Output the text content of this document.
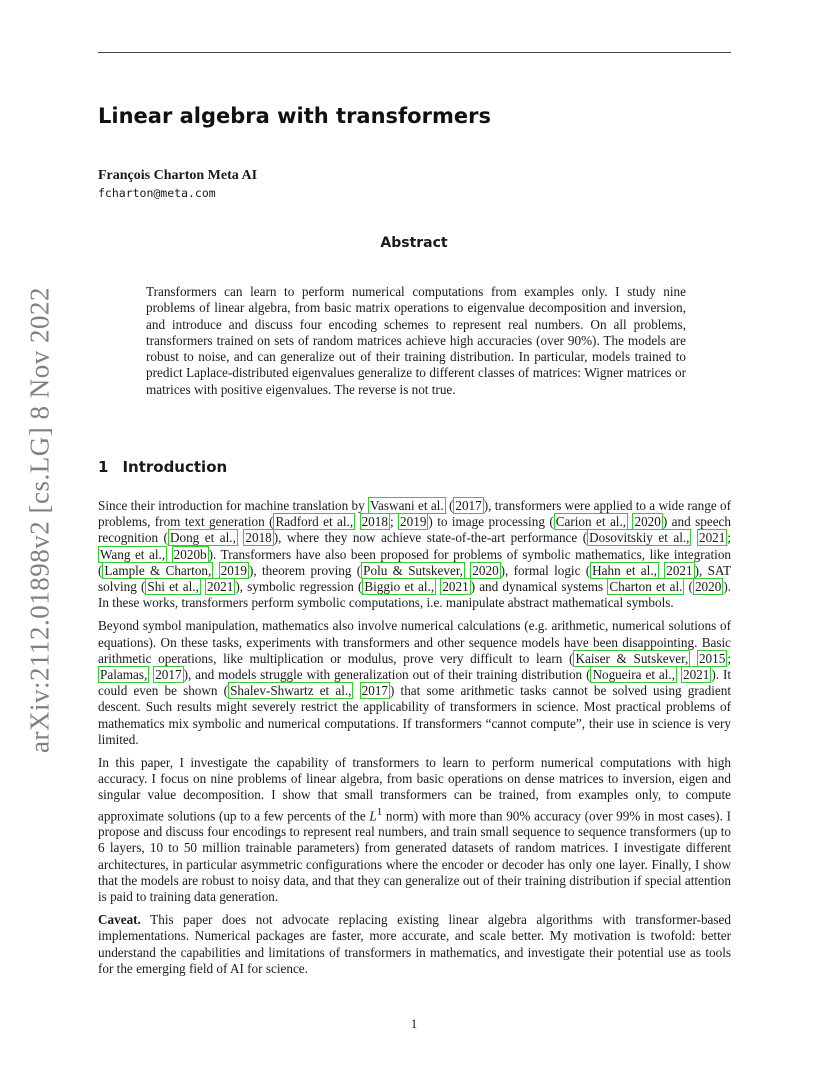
arXiv:2112.01898v2 [cs.LG] 8 Nov 2022
Linear algebra with transformers
François Charton Meta AI
fcharton@meta.com
Abstract

Transformers can learn to perform numerical computations from examples only. I study nine problems of linear algebra, from basic matrix operations to eigenvalue decomposition and inversion, and introduce and discuss four encoding schemes to represent real numbers. On all problems, transformers trained on sets of random matrices achieve high accuracies (over 90%). The models are robust to noise, and can generalize out of their training distribution. In particular, models trained to predict Laplace-distributed eigenvalues generalize to different classes of matrices: Wigner matrices or matrices with positive eigenvalues. The reverse is not true.

1 Introduction

Since their introduction for machine translation by Vaswani et al. ( 2017 ), transformers were applied to a wide range of problems, from text generation ( Radford et al., 2018 ; 2019 ) to image processing ( Carion et al., 2020 ) and speech recognition ( Dong et al., 2018 ), where they now achieve state-of-the-art performance ( Dosovitskiy et al., 2021 ; Wang et al., 2020b ). Transformers have also been proposed for problems of symbolic mathematics, like integration ( Lample & Charton, 2019 ), theorem proving ( Polu & Sutskever, 2020 ), formal logic ( Hahn et al., 2021 ), SAT solving ( Shi et al., 2021 ), symbolic regression ( Biggio et al., 2021 ) and dynamical systems Charton et al. ( 2020 ). In these works, transformers perform symbolic computations, i.e. manipulate abstract mathematical symbols.

Beyond symbol manipulation, mathematics also involve numerical calculations (e.g. arithmetic, numerical solutions of equations). On these tasks, experiments with transformers and other sequence models have been disappointing. Basic arithmetic operations, like multiplication or modulus, prove very difficult to learn ( Kaiser & Sutskever, 2015 ; Palamas, 2017 ), and models struggle with generalization out of their training distribution ( Nogueira et al., 2021 ). It could even be shown ( Shalev-Shwartz et al., 2017 ) that some arithmetic tasks cannot be solved using gradient descent. Such results might severely restrict the applicability of transformers in science. Most practical problems of mathematics mix symbolic and numerical computations. If transformers “cannot compute”, their use in science is very limited.

In this paper, I investigate the capability of transformers to learn to perform numerical computations with high accuracy. I focus on nine problems of linear algebra, from basic operations on dense matrices to inversion, eigen and singular value decomposition. I show that small transformers can be trained, from examples only, to compute approximate solutions (up to a few percents of the $L^1$ norm) with more than 90% accuracy (over 99% in most cases). I propose and discuss four encodings to represent real numbers, and train small sequence to sequence transformers (up to 6 layers, 10 to 50 million trainable parameters) from generated datasets of random matrices. I investigate different architectures, in particular asymmetric configurations where the encoder or decoder has only one layer. Finally, I show that the models are robust to noisy data, and that they can generalize out of their training distribution if special attention is paid to training data generation.

Caveat. This paper does not advocate replacing existing linear algebra algorithms with transformer-based implementations. Numerical packages are faster, more accurate, and scale better. My motivation is twofold: better understand the capabilities and limitations of transformers in mathematics, and investigate their potential use as tools for the emerging field of AI for science.

1
